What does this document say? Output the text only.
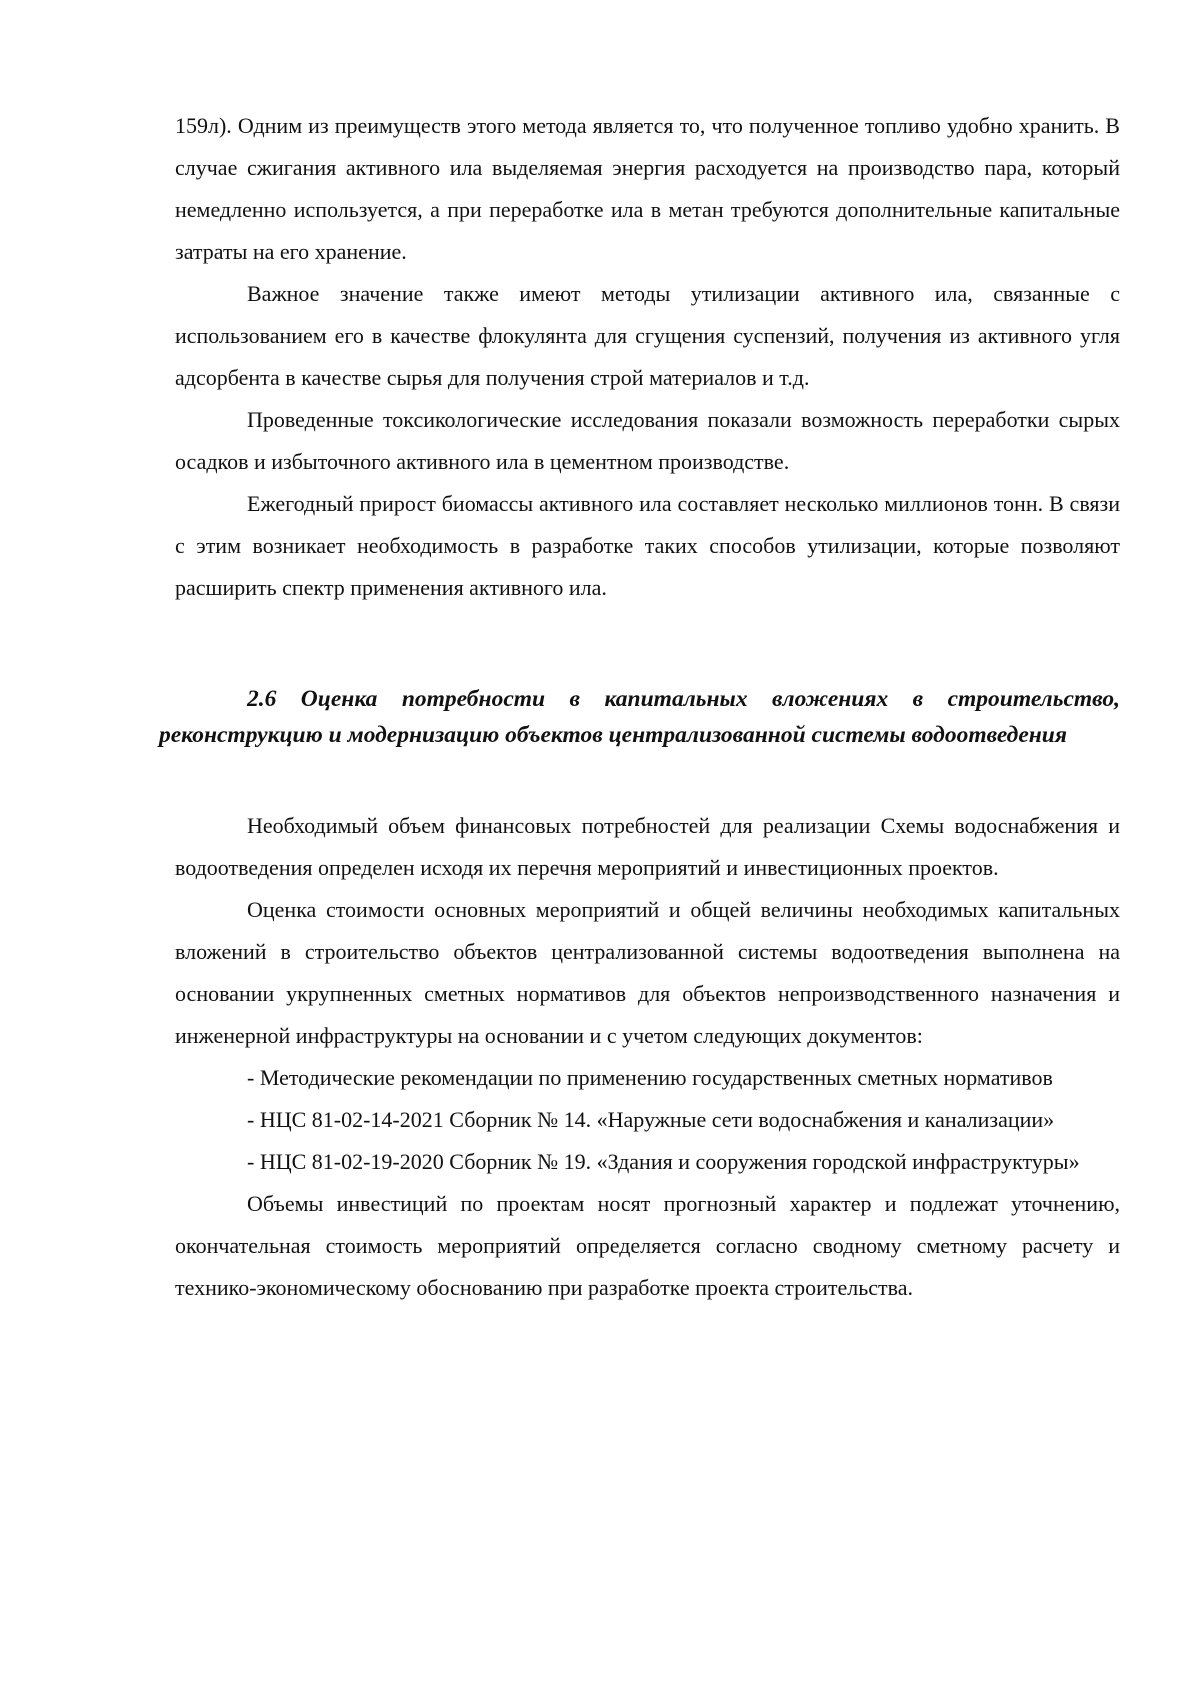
159л). Одним из преимуществ этого метода является то, что полученное топливо удобно хранить. В случае сжигания активного ила выделяемая энергия расходуется на производство пара, который немедленно используется, а при переработке ила в метан требуются дополнительные капитальные затраты на его хранение.

Важное значение также имеют методы утилизации активного ила, связанные с использованием его в качестве флокулянта для сгущения суспензий, получения из активного угля адсорбента в качестве сырья для получения строй материалов и т.д.

Проведенные токсикологические исследования показали возможность переработки сырых осадков и избыточного активного ила в цементном производстве.

Ежегодный прирост биомассы активного ила составляет несколько миллионов тонн. В связи с этим возникает необходимость в разработке таких способов утилизации, которые позволяют расширить спектр применения активного ила.

2.6 Оценка потребности в капитальных вложениях в строительство, реконструкцию и модернизацию объектов централизованной системы водоотведения

Необходимый объем финансовых потребностей для реализации Схемы водоснабжения и водоотведения определен исходя их перечня мероприятий и инвестиционных проектов.

Оценка стоимости основных мероприятий и общей величины необходимых капитальных вложений в строительство объектов централизованной системы водоотведения выполнена на основании укрупненных сметных нормативов для объектов непроизводственного назначения и инженерной инфраструктуры на основании и с учетом следующих документов:

- Методические рекомендации по применению государственных сметных нормативов

- НЦС 81-02-14-2021 Сборник № 14. «Наружные сети водоснабжения и канализации»

- НЦС 81-02-19-2020 Сборник № 19. «Здания и сооружения городской инфраструктуры»

Объемы инвестиций по проектам носят прогнозный характер и подлежат уточнению, окончательная стоимость мероприятий определяется согласно сводному сметному расчету и технико-экономическому обоснованию при разработке проекта строительства.
